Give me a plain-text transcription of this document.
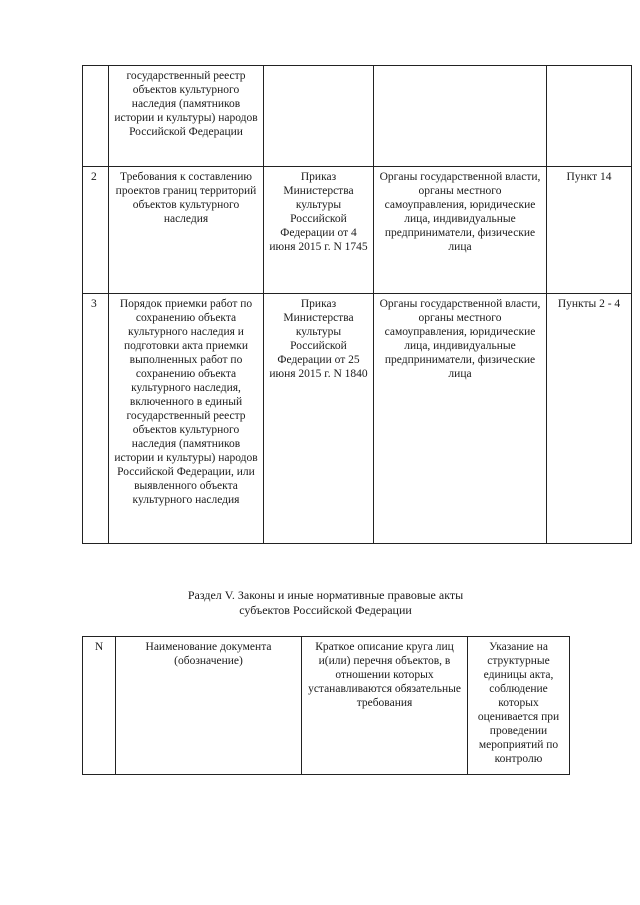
	государственный реестр объектов культурного наследия (памятников истории и культуры) народов Российской Федерации			
2	Требования к составлению проектов границ территорий объектов культурного наследия	Приказ Министерства культуры Российской Федерации от 4 июня 2015 г. N 1745	Органы государственной власти, органы местного самоуправления, юридические лица, индивидуальные предприниматели, физические лица	Пункт 14
3	Порядок приемки работ по сохранению объекта культурного наследия и подготовки акта приемки выполненных работ по сохранению объекта культурного наследия, включенного в единый государственный реестр объектов культурного наследия (памятников истории и культуры) народов Российской Федерации, или выявленного объекта культурного наследия	Приказ Министерства культуры Российской Федерации от 25 июня 2015 г. N 1840	Органы государственной власти, органы местного самоуправления, юридические лица, индивидуальные предприниматели, физические лица	Пункты 2 - 4
Раздел V. Законы и иные нормативные правовые акты
субъектов Российской Федерации
N	Наименование документа (обозначение)	Краткое описание круга лиц и(или) перечня объектов, в отношении которых устанавливаются обязательные требования	Указание на структурные единицы акта, соблюдение которых оценивается при проведении мероприятий по контролю
